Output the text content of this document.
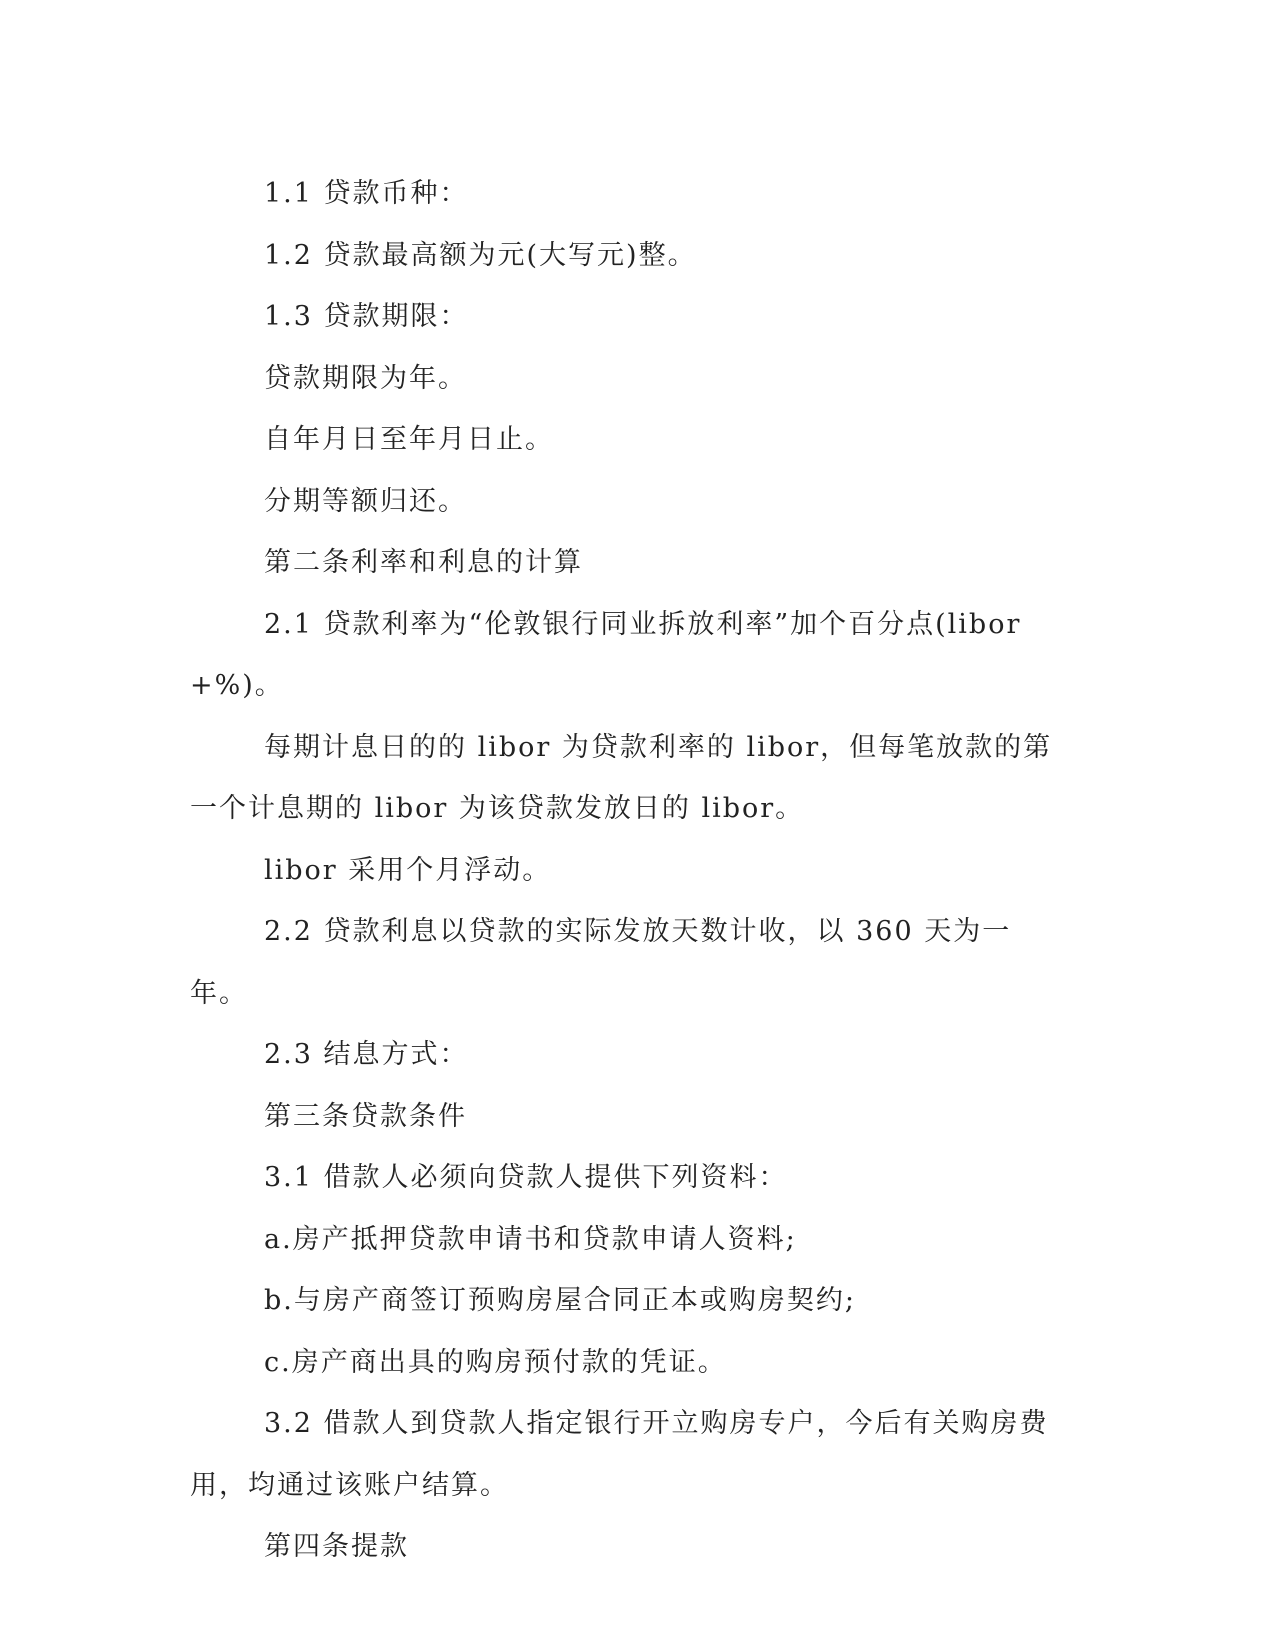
1.1 贷款币种：

1.2 贷款最高额为元(大写元)整。

1.3 贷款期限：

贷款期限为年。

自年月日至年月日止。

分期等额归还。

第二条利率和利息的计算

2.1 贷款利率为“伦敦银行同业拆放利率”加个百分点(libor+%)。

每期计息日的的 libor 为贷款利率的 libor，但每笔放款的第一个计息期的 libor 为该贷款发放日的 libor。

libor 采用个月浮动。

2.2 贷款利息以贷款的实际发放天数计收，以 360 天为一年。

2.3 结息方式：

第三条贷款条件

3.1 借款人必须向贷款人提供下列资料：

a.房产抵押贷款申请书和贷款申请人资料;

b.与房产商签订预购房屋合同正本或购房契约;

c.房产商出具的购房预付款的凭证。

3.2 借款人到贷款人指定银行开立购房专户，今后有关购房费用，均通过该账户结算。

第四条提款
